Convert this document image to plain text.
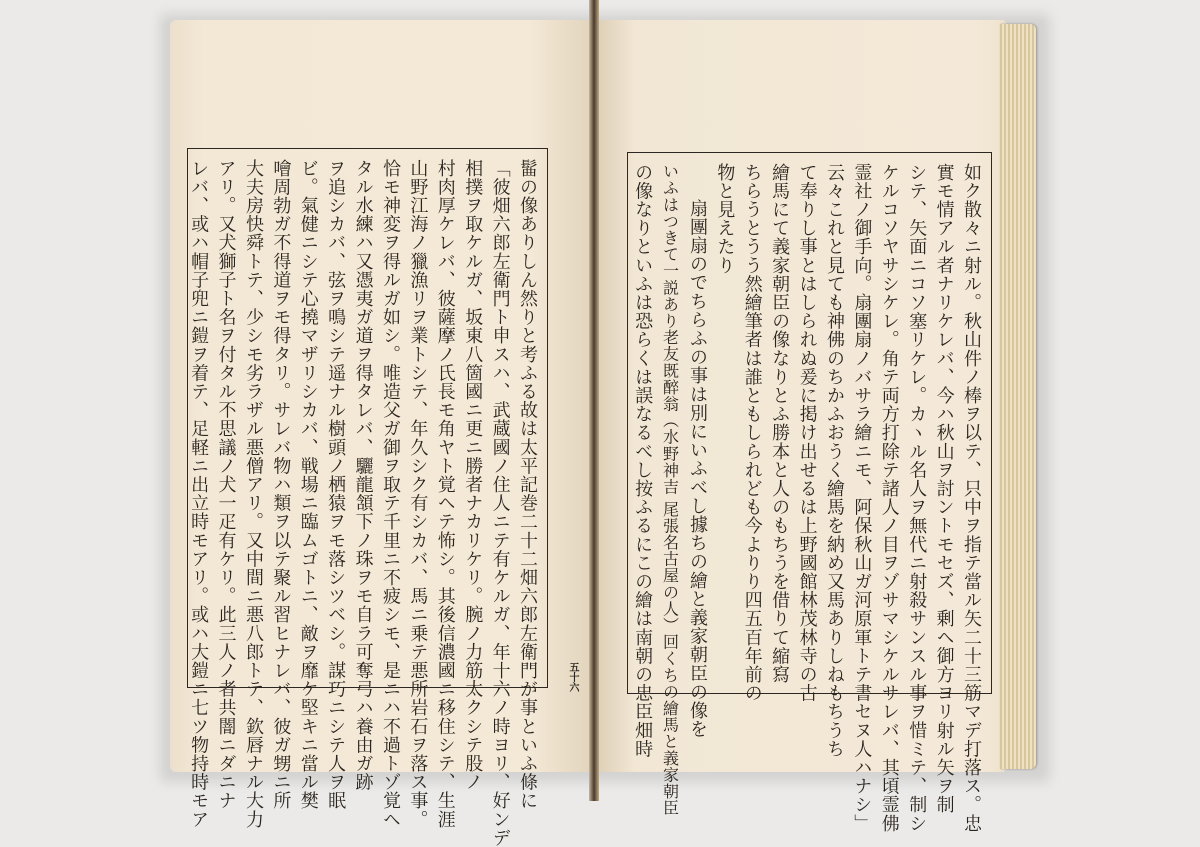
髷の像ありしん然りと考ふる故は太平記巻二十二畑六郎左衛門が事といふ條に
「彼畑六郎左衛門ト申スハ、武蔵國ノ住人ニテ有ケルガ、年十六ノ時ヨリ、好ンデ
相撲ヲ取ケルガ、坂東八箇國ニ更ニ勝者ナカリケリ。腕ノ力筋太クシテ股ノ
村肉厚ケレバ、彼薩摩ノ氏長モ角ヤト覚ヘテ怖シ。其後信濃國ニ移住シテ、生涯
山野江海ノ獵漁リヲ業トシテ、年久シク有シカバ、馬ニ乗テ悪所岩石ヲ落ス事。
恰モ神変ヲ得ルガ如シ。唯造父ガ御ヲ取テ千里ニ不疲シモ、是ニハ不過トゾ覚ヘ
タル水練ハ又憑夷ガ道ヲ得タレバ、驪龍頷下ノ珠ヲモ自ラ可奪弓ハ養由ガ跡
ヲ追シカバ、弦ヲ鳴シテ遥ナル樹頭ノ栖猿ヲモ落シツベシ。謀巧ニシテ人ヲ眠
ビ。氣健ニシテ心撓マザリシカバ、戦場ニ臨ムゴトニ、敵ヲ靡ケ堅キニ當ル樊
噲周勃ガ不得道ヲモ得タリ。サレバ物ハ類ヲ以テ聚ル習ヒナレバ、彼ガ甥ニ所
大夫房快舜トテ、少シモ劣ラザル悪僧アリ。又中間ニ悪八郎トテ、欽唇ナル大力
アリ。又犬獅子ト名ヲ付タル不思議ノ犬一疋有ケリ。此三人ノ者共闇ニダニナ
レバ、或ハ帽子兜ニ鎧ヲ着テ、足軽ニ出立時モアリ。或ハ大鎧ニ七ツ物持時モア	五十六	如ク散々ニ射ル。秋山件ノ棒ヲ以テ、只中ヲ指テ當ル矢二十三筋マデ打落ス。忠
實モ情アル者ナリケレバ、今ハ秋山ヲ討ントモセズ、剰ヘ御方ヨリ射ル矢ヲ制
シテ、矢面ニコソ塞リケレ。カヽル名人ヲ無代ニ射殺サンスル事ヲ惜ミテ、制シ
ケルコソヤサシケレ。角テ両方打除テ諸人ノ目ヲゾサマシケルサレバ、其頃霊佛
霊社ノ御手向。扇團扇ノバサラ繪ニモ、阿保秋山ガ河原軍トテ書セヌ人ハナシ」
云々これと見ても神佛のちかふおうく繪馬を納め又馬ありしねもちうち
て奉りし事とはしられぬ爰に掲け出せるは上野國館林茂林寺の古
繪馬にて義家朝臣の像なりとふ勝本と人のもちうを借りて縮寫
ちらうとうう然繪筆者は誰ともしられども今よりり四五百年前の
物と見えたり
扇團扇のでちらふの事は別にいふべし據ちの繪と義家朝臣の像を
いふはつきて一説あり老友既醉翁（水野神吉 尾張名古屋の人）回くちの繪馬と義家朝臣
の像なりといふは恐らくは誤なるべし按ふるにこの繪は南朝の忠臣畑時
